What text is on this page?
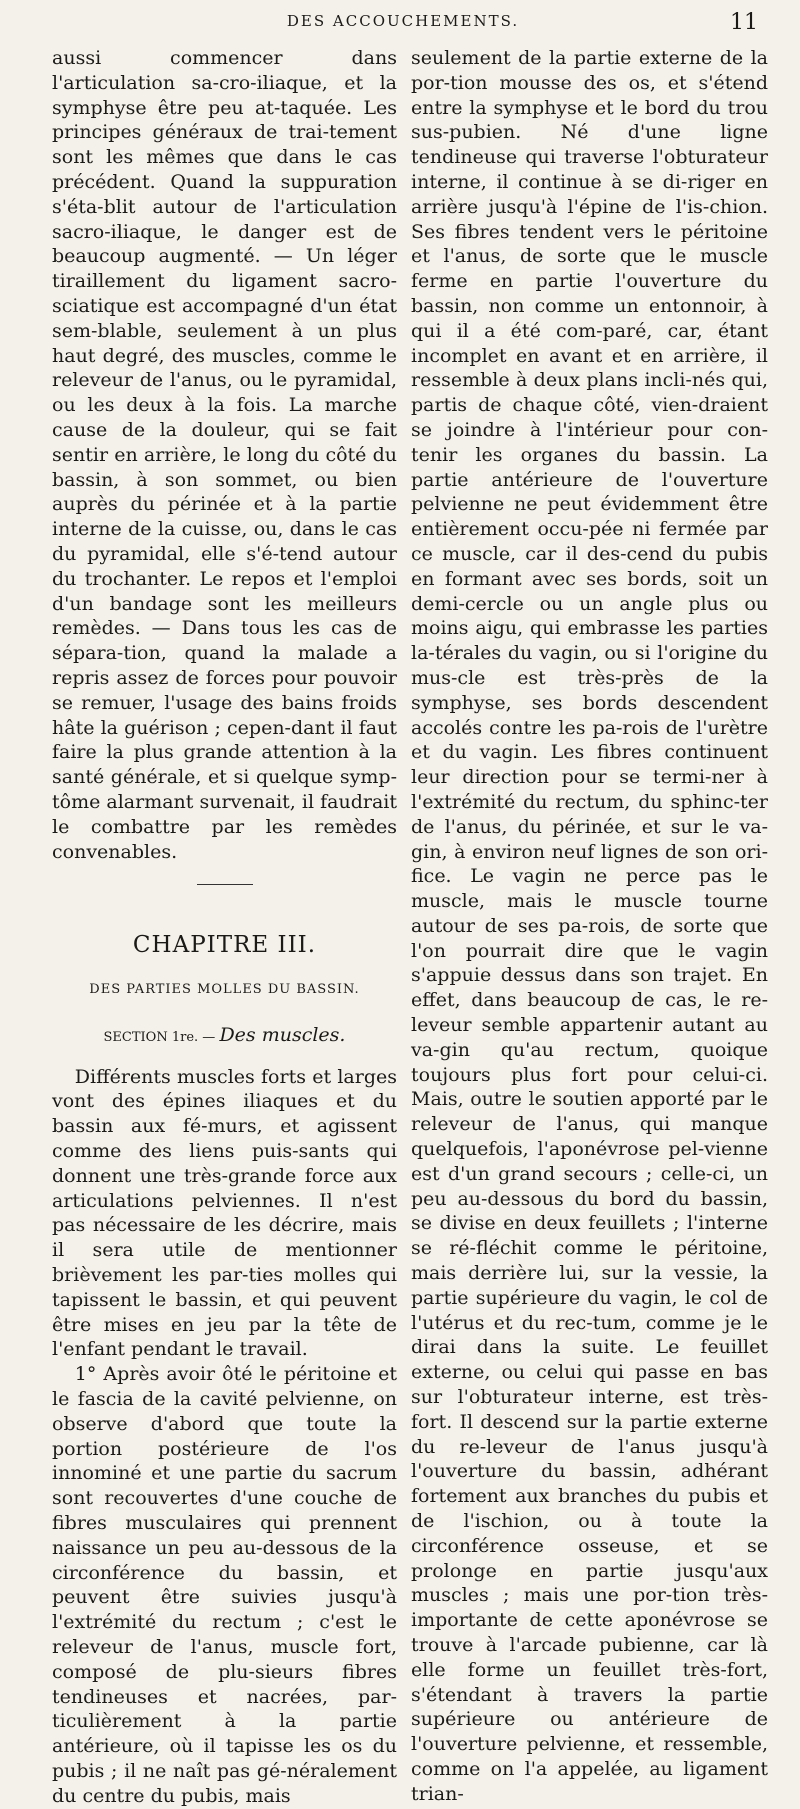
DES ACCOUCHEMENTS.	11

aussi commencer dans l'articulation sa-cro-iliaque, et la symphyse être peu at-taquée. Les principes généraux de trai-tement sont les mêmes que dans le cas précédent. Quand la suppuration s'éta-blit autour de l'articulation sacro-iliaque, le danger est de beaucoup augmenté. — Un léger tiraillement du ligament sacro-sciatique est accompagné d'un état sem-blable, seulement à un plus haut degré, des muscles, comme le releveur de l'anus, ou le pyramidal, ou les deux à la fois. La marche cause de la douleur, qui se fait sentir en arrière, le long du côté du bassin, à son sommet, ou bien auprès du périnée et à la partie interne de la cuisse, ou, dans le cas du pyramidal, elle s'é-tend autour du trochanter. Le repos et l'emploi d'un bandage sont les meilleurs remèdes. — Dans tous les cas de sépara-tion, quand la malade a repris assez de forces pour pouvoir se remuer, l'usage des bains froids hâte la guérison ; cepen-dant il faut faire la plus grande attention à la santé générale, et si quelque symp-tôme alarmant survenait, il faudrait le combattre par les remèdes convenables.

CHAPITRE III.
DES PARTIES MOLLES DU BASSIN.
SECTION 1re. — Des muscles.

Différents muscles forts et larges vont des épines iliaques et du bassin aux fé-murs, et agissent comme des liens puis-sants qui donnent une très-grande force aux articulations pelviennes. Il n'est pas nécessaire de les décrire, mais il sera utile de mentionner brièvement les par-ties molles qui tapissent le bassin, et qui peuvent être mises en jeu par la tête de l'enfant pendant le travail.

1° Après avoir ôté le péritoine et le fascia de la cavité pelvienne, on observe d'abord que toute la portion postérieure de l'os innominé et une partie du sacrum sont recouvertes d'une couche de fibres musculaires qui prennent naissance un peu au-dessous de la circonférence du bassin, et peuvent être suivies jusqu'à l'extrémité du rectum ; c'est le releveur de l'anus, muscle fort, composé de plu-sieurs fibres tendineuses et nacrées, par-ticulièrement à la partie antérieure, où il tapisse les os du pubis ; il ne naît pas gé-néralement du centre du pubis, mais

seulement de la partie externe de la por-tion mousse des os, et s'étend entre la symphyse et le bord du trou sus-pubien. Né d'une ligne tendineuse qui traverse l'obturateur interne, il continue à se di-riger en arrière jusqu'à l'épine de l'is-chion. Ses fibres tendent vers le péritoine et l'anus, de sorte que le muscle ferme en partie l'ouverture du bassin, non comme un entonnoir, à qui il a été com-paré, car, étant incomplet en avant et en arrière, il ressemble à deux plans incli-nés qui, partis de chaque côté, vien-draient se joindre à l'intérieur pour con-tenir les organes du bassin. La partie antérieure de l'ouverture pelvienne ne peut évidemment être entièrement occu-pée ni fermée par ce muscle, car il des-cend du pubis en formant avec ses bords, soit un demi-cercle ou un angle plus ou moins aigu, qui embrasse les parties la-térales du vagin, ou si l'origine du mus-cle est très-près de la symphyse, ses bords descendent accolés contre les pa-rois de l'urètre et du vagin. Les fibres continuent leur direction pour se termi-ner à l'extrémité du rectum, du sphinc-ter de l'anus, du périnée, et sur le va-gin, à environ neuf lignes de son ori-fice. Le vagin ne perce pas le muscle, mais le muscle tourne autour de ses pa-rois, de sorte que l'on pourrait dire que le vagin s'appuie dessus dans son trajet. En effet, dans beaucoup de cas, le re-leveur semble appartenir autant au va-gin qu'au rectum, quoique toujours plus fort pour celui-ci. Mais, outre le soutien apporté par le releveur de l'anus, qui manque quelquefois, l'aponévrose pel-vienne est d'un grand secours ; celle-ci, un peu au-dessous du bord du bassin, se divise en deux feuillets ; l'interne se ré-fléchit comme le péritoine, mais derrière lui, sur la vessie, la partie supérieure du vagin, le col de l'utérus et du rec-tum, comme je le dirai dans la suite. Le feuillet externe, ou celui qui passe en bas sur l'obturateur interne, est très-fort. Il descend sur la partie externe du re-leveur de l'anus jusqu'à l'ouverture du bassin, adhérant fortement aux branches du pubis et de l'ischion, ou à toute la circonférence osseuse, et se prolonge en partie jusqu'aux muscles ; mais une por-tion très-importante de cette aponévrose se trouve à l'arcade pubienne, car là elle forme un feuillet très-fort, s'étendant à travers la partie supérieure ou antérieure de l'ouverture pelvienne, et ressemble, comme on l'a appelée, au ligament trian-
